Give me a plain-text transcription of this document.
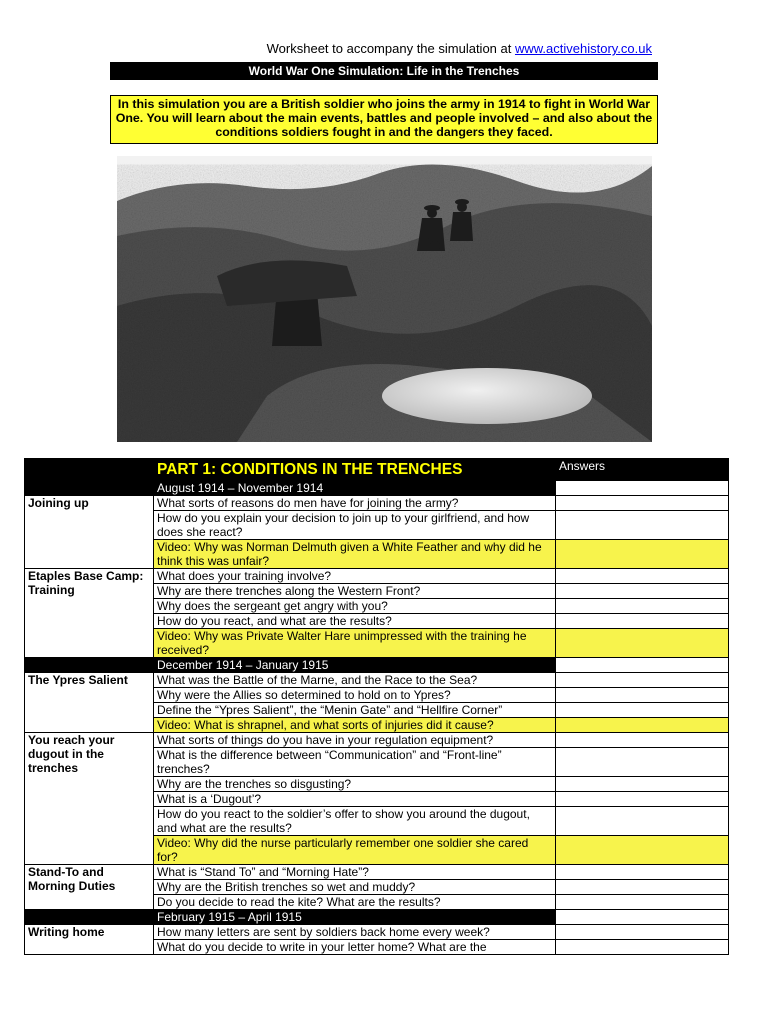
Worksheet to accompany the simulation at www.activehistory.co.uk
World War One Simulation: Life in the Trenches
In this simulation you are a British soldier who joins the army in 1914 to fight in World War One. You will learn about the main events, battles and people involved – and also about the conditions soldiers fought in and the dangers they faced.
	PART 1: CONDITIONS IN THE TRENCHES	Answers
	August 1914 – November 1914	
Joining up	What sorts of reasons do men have for joining the army?	
	How do you explain your decision to join up to your girlfriend, and how does she react?	
	Video: Why was Norman Delmuth given a White Feather and why did he think this was unfair?	
Etaples Base Camp: Training	What does your training involve?	
	Why are there trenches along the Western Front?	
	Why does the sergeant get angry with you?	
	How do you react, and what are the results?	
	Video: Why was Private Walter Hare unimpressed with the training he received?	
	December 1914 – January 1915	
The Ypres Salient	What was the Battle of the Marne, and the Race to the Sea?	
	Why were the Allies so determined to hold on to Ypres?	
	Define the “Ypres Salient”, the “Menin Gate” and “Hellfire Corner”	
	Video: What is shrapnel, and what sorts of injuries did it cause?	
You reach your dugout in the trenches	What sorts of things do you have in your regulation equipment?	
	What is the difference between “Communication” and “Front-line” trenches?	
	Why are the trenches so disgusting?	
	What is a ‘Dugout’?	
	How do you react to the soldier’s offer to show you around the dugout, and what are the results?	
	Video: Why did the nurse particularly remember one soldier she cared for?	
Stand-To and Morning Duties	What is “Stand To” and “Morning Hate”?	
	Why are the British trenches so wet and muddy?	
	Do you decide to read the kite? What are the results?	
	February 1915 – April 1915	
Writing home	How many letters are sent by soldiers back home every week?	
	What do you decide to write in your letter home? What are the	
